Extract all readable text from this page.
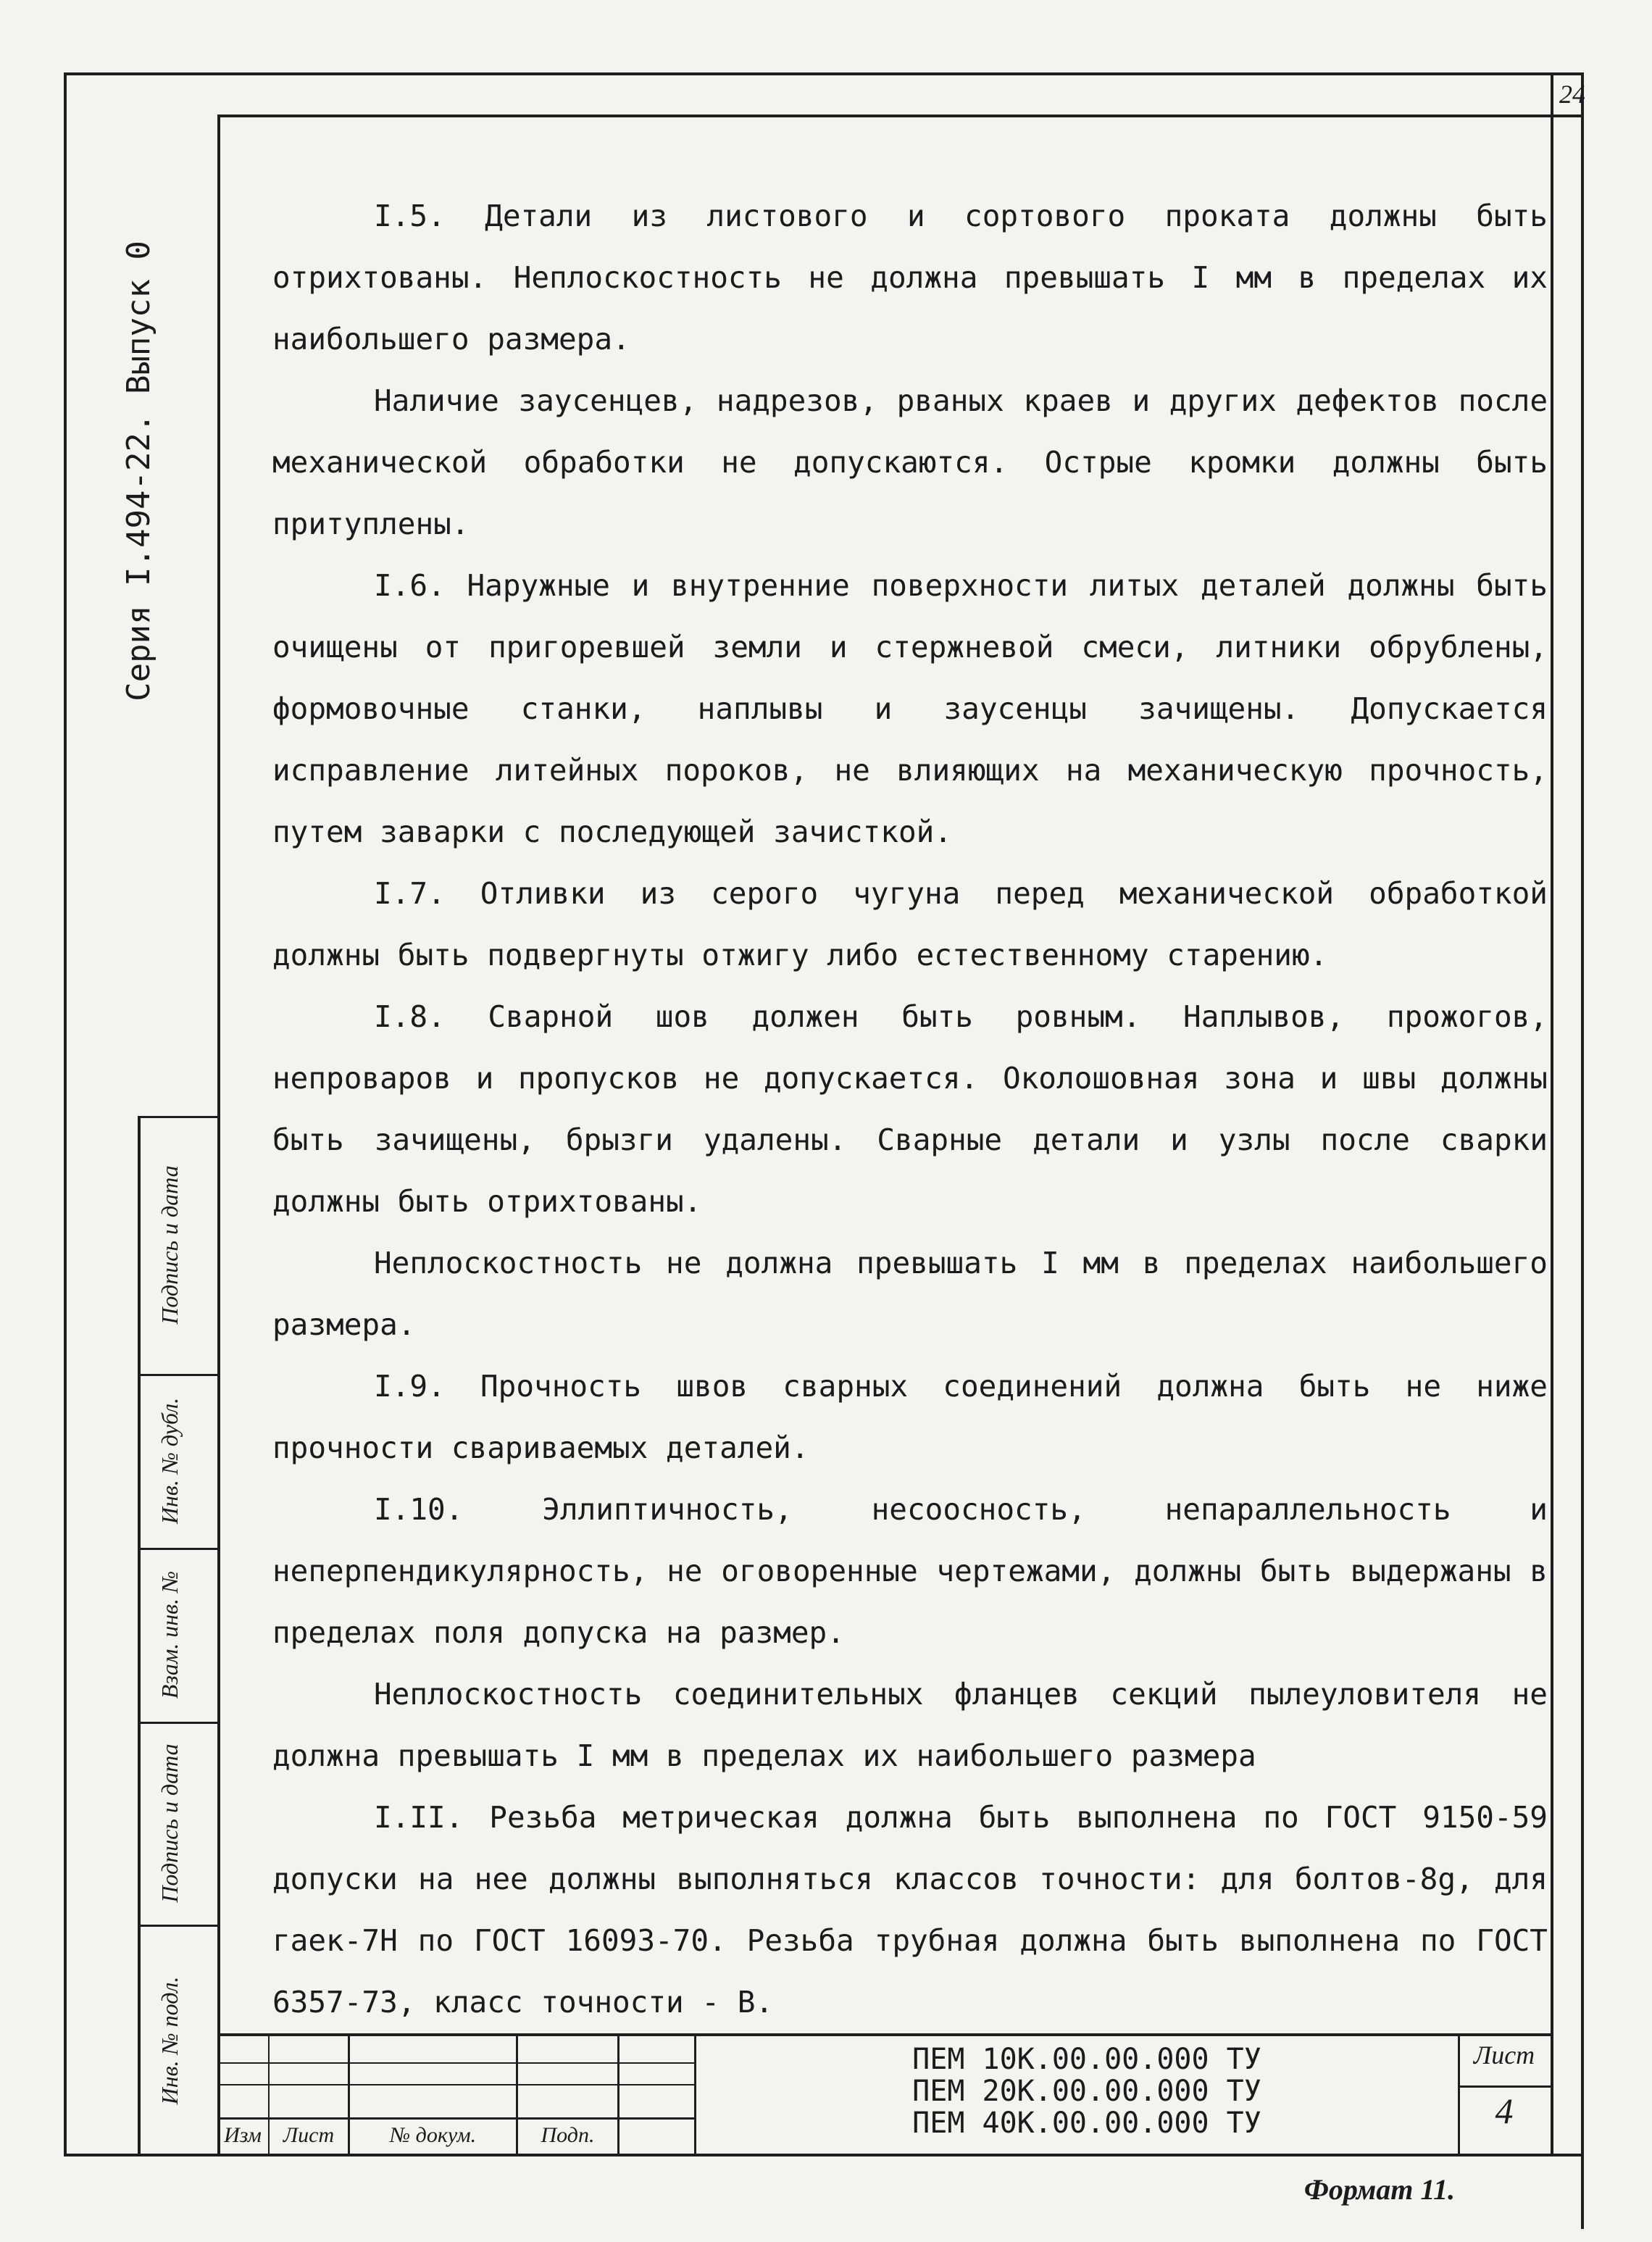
24
Серия I.494-22. Выпуск 0
Подпись и дата
Инв. № дубл.
Взам. инв. №
Подпись и дата
Инв. № подл.

I.5. Детали из листового и сортового проката должны быть отрихтованы. Неплоскостность не должна превышать I мм в пределах их наибольшего размера.

Наличие заусенцев, надрезов, рваных краев и других дефектов после механической обработки не допускаются. Острые кромки должны быть притуплены.

I.6. Наружные и внутренние поверхности литых деталей должны быть очищены от пригоревшей земли и стержневой смеси, литники обрублены, формовочные станки, наплывы и заусенцы зачищены. Допускается исправление литейных пороков, не влияющих на механическую прочность, путем заварки с последующей зачисткой.

I.7. Отливки из серого чугуна перед механической обработкой должны быть подвергнуты отжигу либо естественному старению.

I.8. Сварной шов должен быть ровным. Наплывов, прожогов, непроваров и пропусков не допускается. Околошовная зона и швы должны быть зачищены, брызги удалены. Сварные детали и узлы после сварки должны быть отрихтованы.

Неплоскостность не должна превышать I мм в пределах наибольшего размера.

I.9. Прочность швов сварных соединений должна быть не ниже прочности свариваемых деталей.

I.10. Эллиптичность, несоосность, непараллельность и неперпендикулярность, не оговоренные чертежами, должны быть выдержаны в пределах поля допуска на размер.

Неплоскостность соединительных фланцев секций пылеуловителя не должна превышать I мм в пределах их наибольшего размера

I.II. Резьба метрическая должна быть выполнена по ГОСТ 9150-59 допуски на нее должны выполняться классов точности: для болтов-8g, для гаек-7Н по ГОСТ 16093-70. Резьба трубная должна быть выполнена по ГОСТ 6357-73, класс точности - В.

Изм Лист	№ докум.	Подп.
ПЕМ 10К.00.00.000 ТУ
ПЕМ 20К.00.00.000 ТУ
ПЕМ 40К.00.00.000 ТУ
Лист
4
Формат 11.
